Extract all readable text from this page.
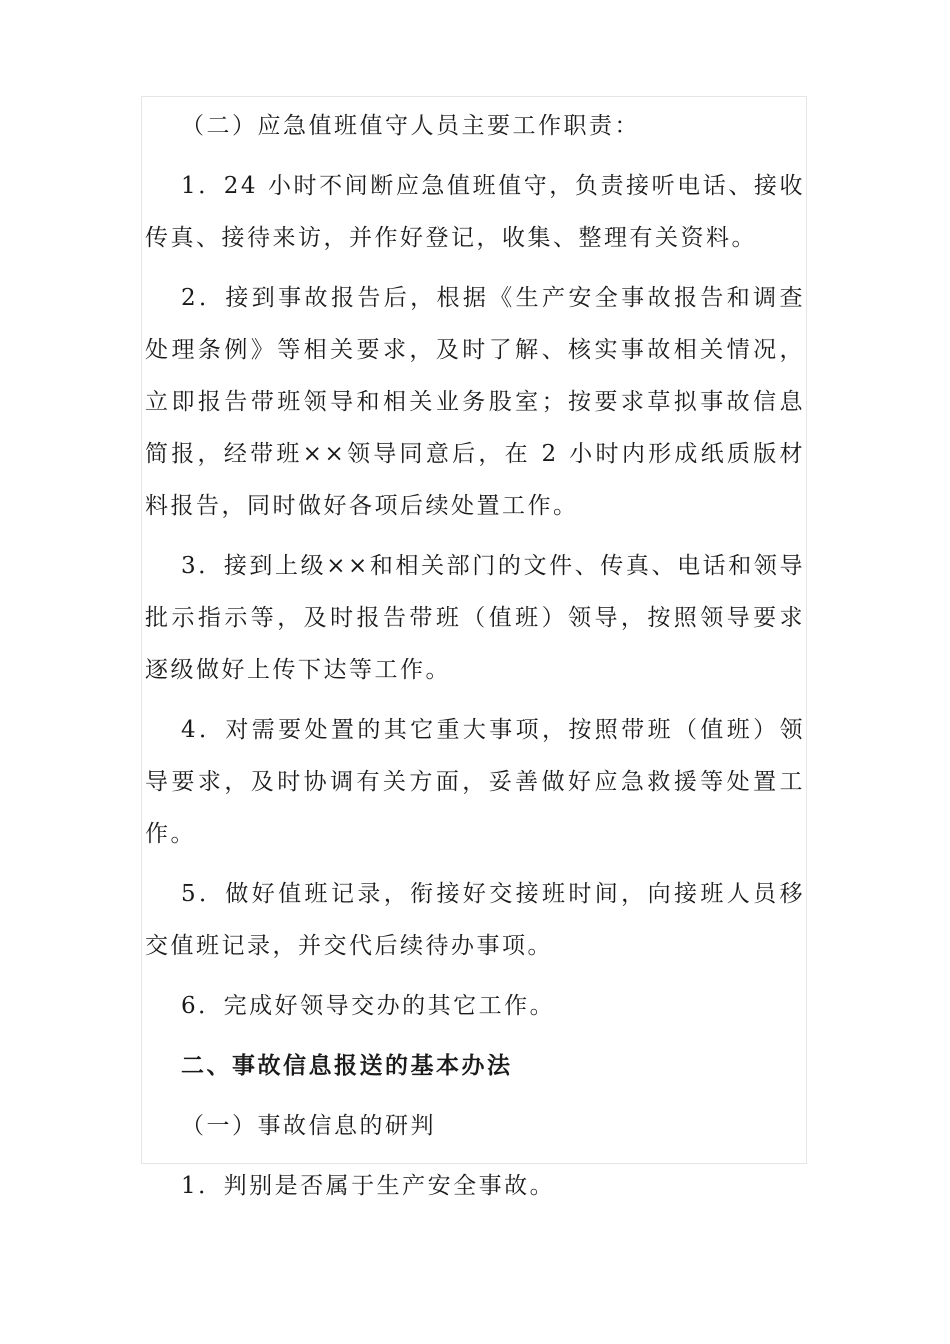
（二）应急值班值守人员主要工作职责：

1．24 小时不间断应急值班值守，负责接听电话、接收传真、接待来访，并作好登记，收集、整理有关资料。

2．接到事故报告后，根据《生产安全事故报告和调查处理条例》等相关要求，及时了解、核实事故相关情况，立即报告带班领导和相关业务股室；按要求草拟事故信息简报，经带班××领导同意后，在 2 小时内形成纸质版材料报告，同时做好各项后续处置工作。

3．接到上级××和相关部门的文件、传真、电话和领导批示指示等，及时报告带班（值班）领导，按照领导要求逐级做好上传下达等工作。

4．对需要处置的其它重大事项，按照带班（值班）领导要求，及时协调有关方面，妥善做好应急救援等处置工作。

5．做好值班记录，衔接好交接班时间，向接班人员移交值班记录，并交代后续待办事项。

6．完成好领导交办的其它工作。

二、事故信息报送的基本办法

（一）事故信息的研判

1．判别是否属于生产安全事故。
